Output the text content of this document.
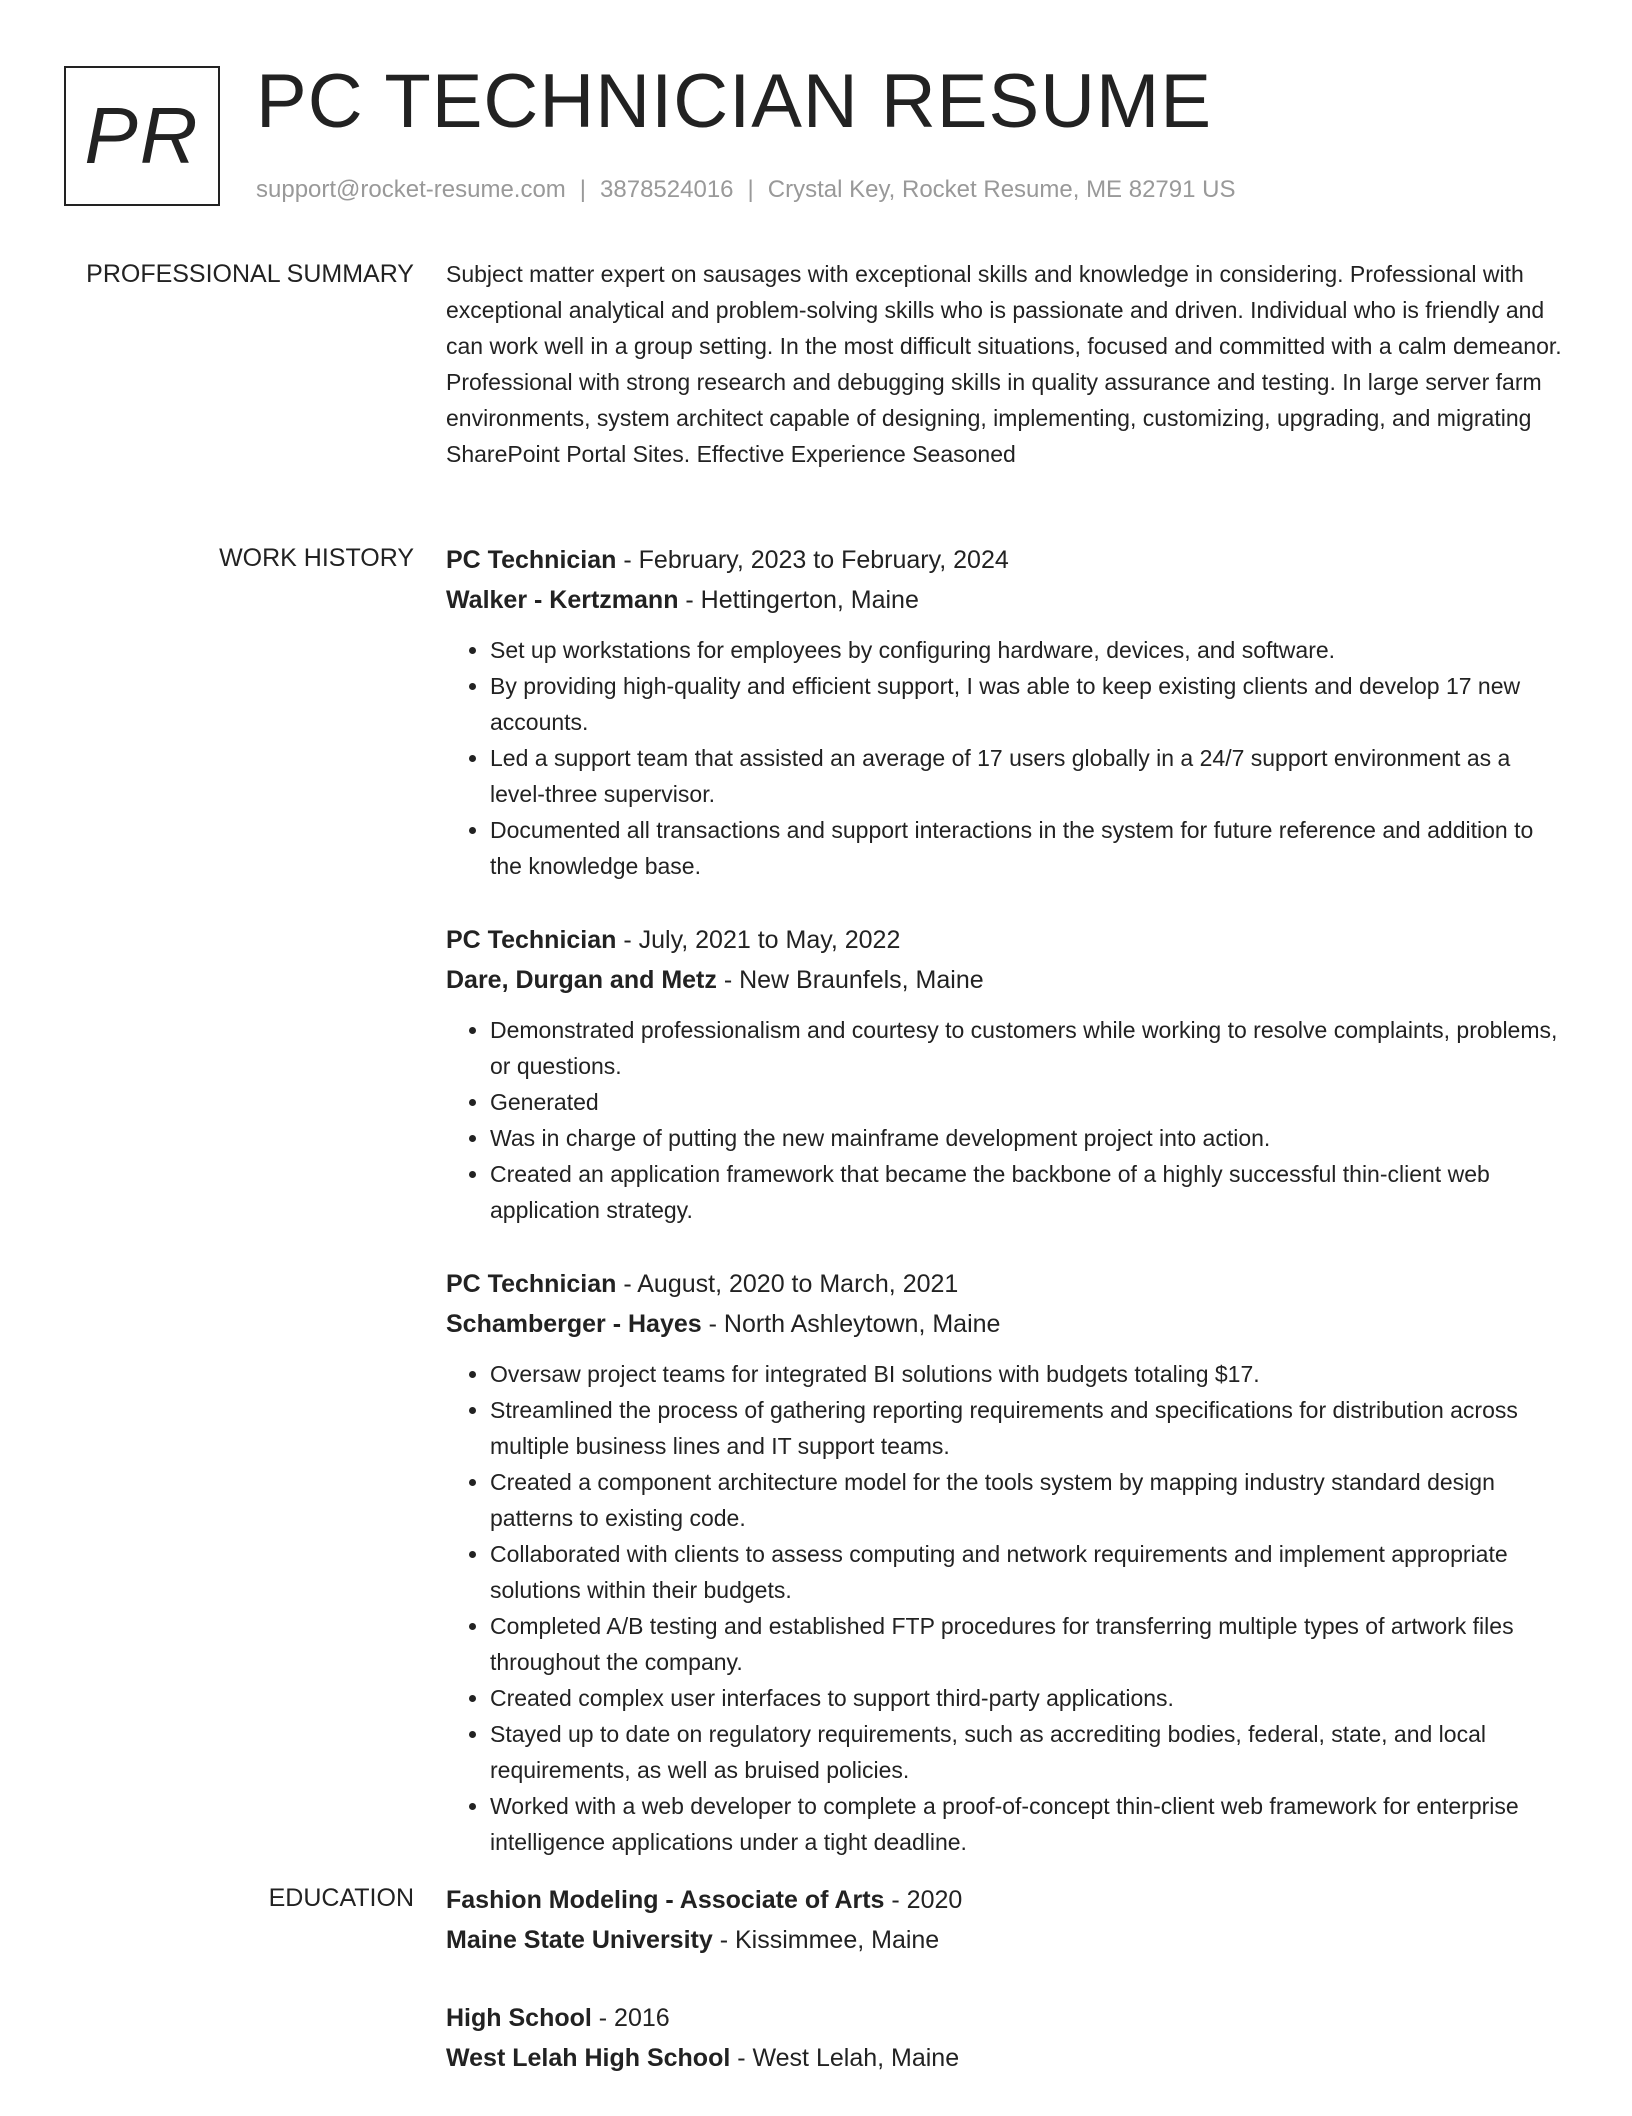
PR PC TECHNICIAN RESUME
support@rocket-resume.com | 3878524016 | Crystal Key, Rocket Resume, ME 82791 US
PROFESSIONAL SUMMARY Subject matter expert on sausages with exceptional skills and knowledge in considering. Professional with exceptional analytical and problem-solving skills who is passionate and driven. Individual who is friendly and can work well in a group setting. In the most difficult situations, focused and committed with a calm demeanor. Professional with strong research and debugging skills in quality assurance and testing. In large server farm environments, system architect capable of designing, implementing, customizing, upgrading, and migrating SharePoint Portal Sites. Effective Experience Seasoned

WORK HISTORY PC Technician - February, 2023 to February, 2024
Walker - Kertzmann - Hettingerton, Maine
• Set up workstations for employees by configuring hardware, devices, and software.
• By providing high-quality and efficient support, I was able to keep existing clients and develop 17 new accounts.
• Led a support team that assisted an average of 17 users globally in a 24/7 support environment as a level-three supervisor.
• Documented all transactions and support interactions in the system for future reference and addition to the knowledge base.
PC Technician - July, 2021 to May, 2022
Dare, Durgan and Metz - New Braunfels, Maine
• Demonstrated professionalism and courtesy to customers while working to resolve complaints, problems, or questions.
• Generated
• Was in charge of putting the new mainframe development project into action.
• Created an application framework that became the backbone of a highly successful thin-client web application strategy.
PC Technician - August, 2020 to March, 2021
Schamberger - Hayes - North Ashleytown, Maine
• Oversaw project teams for integrated BI solutions with budgets totaling $17.
• Streamlined the process of gathering reporting requirements and specifications for distribution across multiple business lines and IT support teams.
• Created a component architecture model for the tools system by mapping industry standard design patterns to existing code.
• Collaborated with clients to assess computing and network requirements and implement appropriate solutions within their budgets.
• Completed A/B testing and established FTP procedures for transferring multiple types of artwork files throughout the company.
• Created complex user interfaces to support third-party applications.
• Stayed up to date on regulatory requirements, such as accrediting bodies, federal, state, and local requirements, as well as bruised policies.
• Worked with a web developer to complete a proof-of-concept thin-client web framework for enterprise intelligence applications under a tight deadline.
EDUCATION Fashion Modeling - Associate of Arts - 2020
Maine State University - Kissimmee, Maine
High School - 2016
West Lelah High School - West Lelah, Maine
